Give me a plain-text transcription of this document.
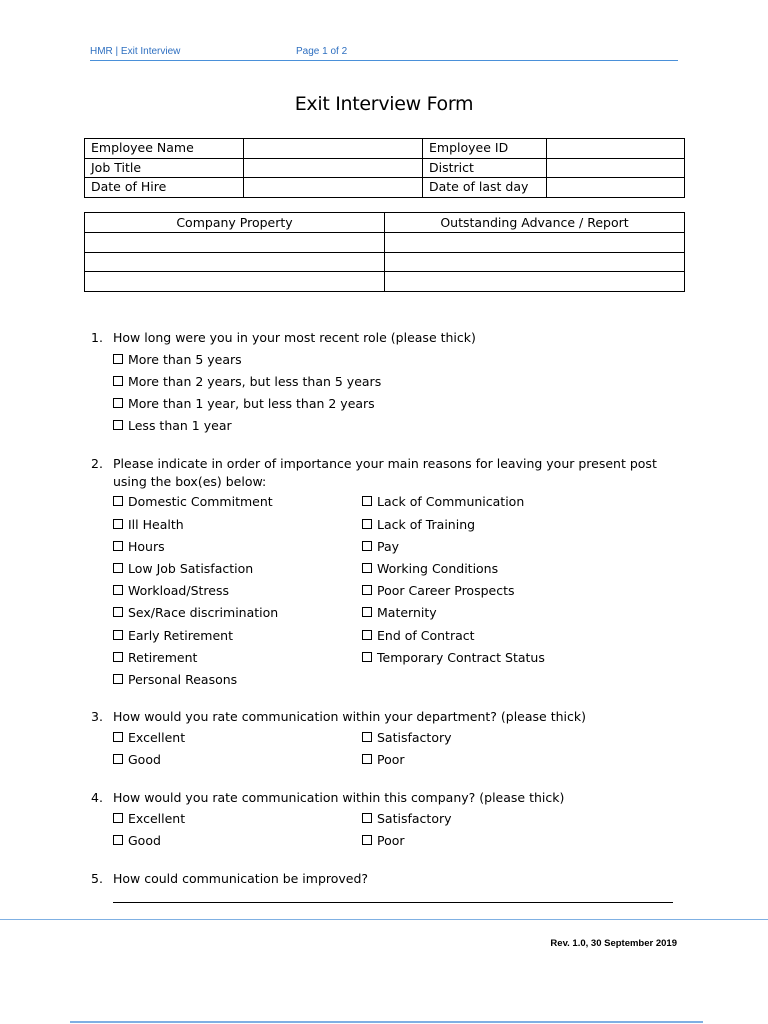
HMR | Exit Interview	Page 1 of 2
Exit Interview Form
Employee Name		Employee ID	
Job Title		District	
Date of Hire		Date of last day	
Company Property	Outstanding Advance / Report

1. How long were you in your most recent role (please thick)
More than 5 years
More than 2 years, but less than 5 years
More than 1 year, but less than 2 years
Less than 1 year
2. Please indicate in order of importance your main reasons for leaving your present post using the box(es) below:
Domestic Commitment
Ill Health
Hours
Low Job Satisfaction
Workload/Stress
Sex/Race discrimination
Early Retirement
Retirement
Personal Reasons
Lack of Communication
Lack of Training
Pay
Working Conditions
Poor Career Prospects
Maternity
End of Contract
Temporary Contract Status
3. How would you rate communication within your department? (please thick)
Excellent
Good
Satisfactory
Poor
4. How would you rate communication within this company? (please thick)
Excellent
Good
Satisfactory
Poor
5. How could communication be improved?
Rev. 1.0, 30 September 2019
